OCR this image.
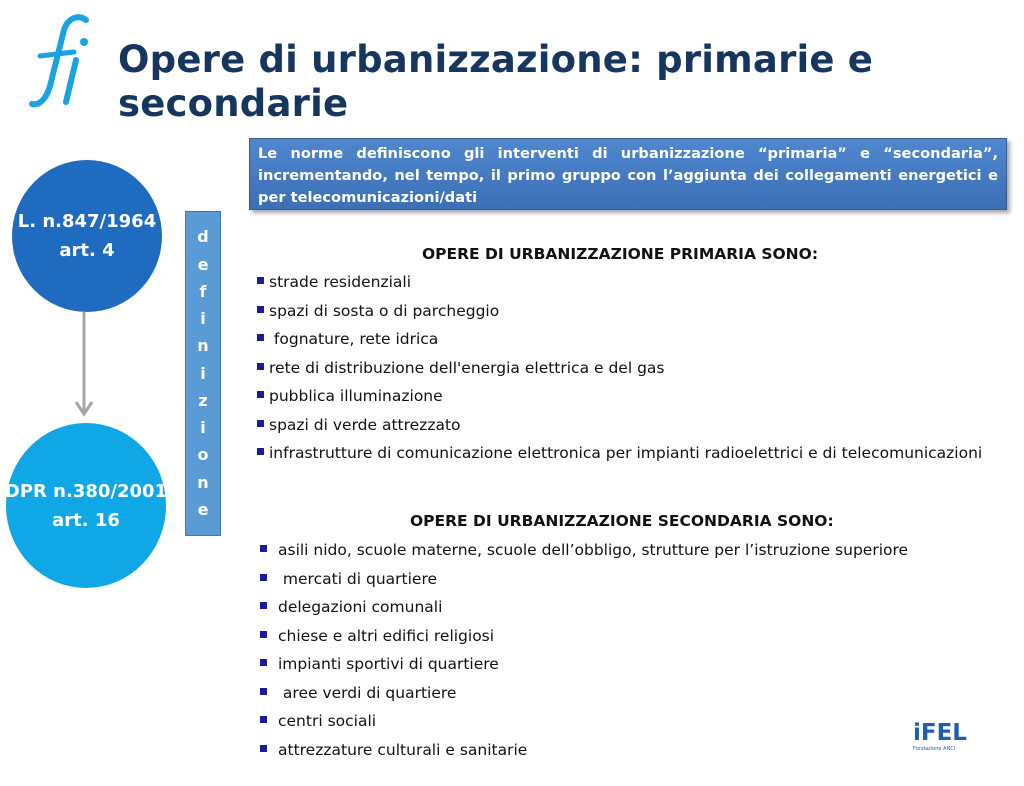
Opere di urbanizzazione: primarie e secondarie
Le norme definiscono gli interventi di urbanizzazione “primaria” e “secondaria”, incrementando, nel tempo, il primo gruppo con l’aggiunta dei collegamenti energetici e per telecomunicazioni/dati
L. n.847/1964
art. 4
DPR n.380/2001
art. 16
d
e
f
i
n
i
z
i
o
n
e
OPERE DI URBANIZZAZIONE PRIMARIA SONO:
strade residenziali
spazi di sosta o di parcheggio
fognature, rete idrica
rete di distribuzione dell'energia elettrica e del gas
pubblica illuminazione
spazi di verde attrezzato
infrastrutture di comunicazione elettronica per impianti radioelettrici e di telecomunicazioni
OPERE DI URBANIZZAZIONE SECONDARIA SONO:
asili nido, scuole materne, scuole dell’obbligo, strutture per l’istruzione superiore
mercati di quartiere
delegazioni comunali
chiese e altri edifici religiosi
impianti sportivi di quartiere
aree verdi di quartiere
centri sociali
attrezzature culturali e sanitarie
iFEL
Fondazione ANCI
